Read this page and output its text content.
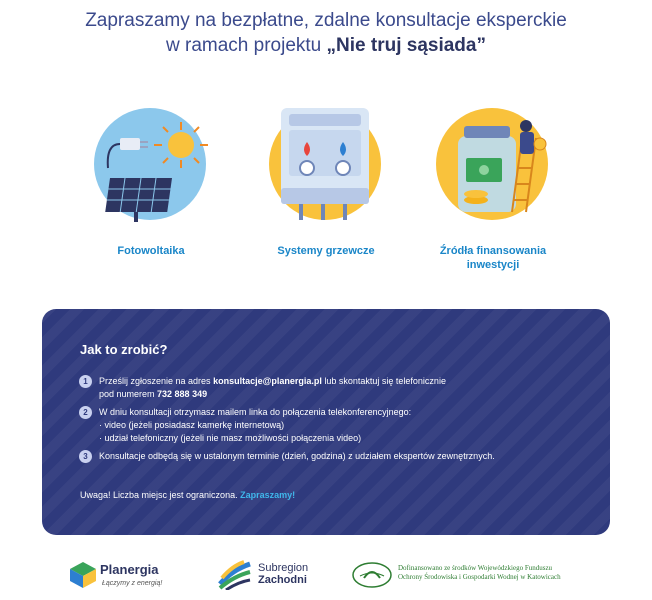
Zapraszamy na bezpłatne, zdalne konsultacje eksperckie
w ramach projektu „Nie truj sąsiada”
Fotowoltaika	Systemy grzewcze	Źródła finansowania
inwestycji
Jak to zrobić?
1	Prześlij zgłoszenie na adres konsultacje@planergia.pl lub skontaktuj się telefonicznie
pod numerem 732 888 349
2	W dniu konsultacji otrzymasz mailem linka do połączenia telekonferencyjnego:
· video (jeżeli posiadasz kamerkę internetową)
· udział telefoniczny (jeżeli nie masz możliwości połączenia video)
3	Konsultacje odbędą się w ustalonym terminie (dzień, godzina) z udziałem ekspertów zewnętrznych.
Uwaga! Liczba miejsc jest ograniczona. Zapraszamy!
Planergia
Łączymy z energią!
Subregion
Zachodni
Dofinansowano ze środków Wojewódzkiego Funduszu
Ochrony Środowiska i Gospodarki Wodnej w Katowicach
